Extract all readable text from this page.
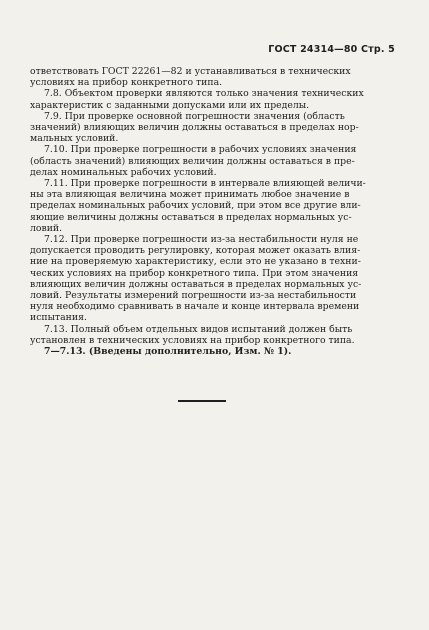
ГОСТ 24314—80 Стр. 5
ответствовать ГОСТ 22261—82 и устанавливаться в технических
условиях на прибор конкретного типа.
7.8. Объектом проверки являются только значения технических
характеристик с заданными допусками или их пределы.
7.9. При проверке основной погрешности значения (область
значений) влияющих величин должны оставаться в пределах нор-
мальных условий.
7.10. При проверке погрешности в рабочих условиях значения
(область значений) влияющих величин должны оставаться в пре-
делах номинальных рабочих условий.
7.11. При проверке погрешности в интервале влияющей величи-
ны эта влияющая величина может принимать любое значение в
пределах номинальных рабочих условий, при этом все другие вли-
яющие величины должны оставаться в пределах нормальных ус-
ловий.
7.12. При проверке погрешности из-за нестабильности нуля не
допускается проводить регулировку, которая может оказать влия-
ние на проверяемую характеристику, если это не указано в техни-
ческих условиях на прибор конкретного типа. При этом значения
влияющих величин должны оставаться в пределах нормальных ус-
ловий. Результаты измерений погрешности из-за нестабильности
нуля необходимо сравнивать в начале и конце интервала времени
испытания.
7.13. Полный объем отдельных видов испытаний должен быть
установлен в технических условиях на прибор конкретного типа.
7—7.13. (Введены дополнительно, Изм. № 1).
